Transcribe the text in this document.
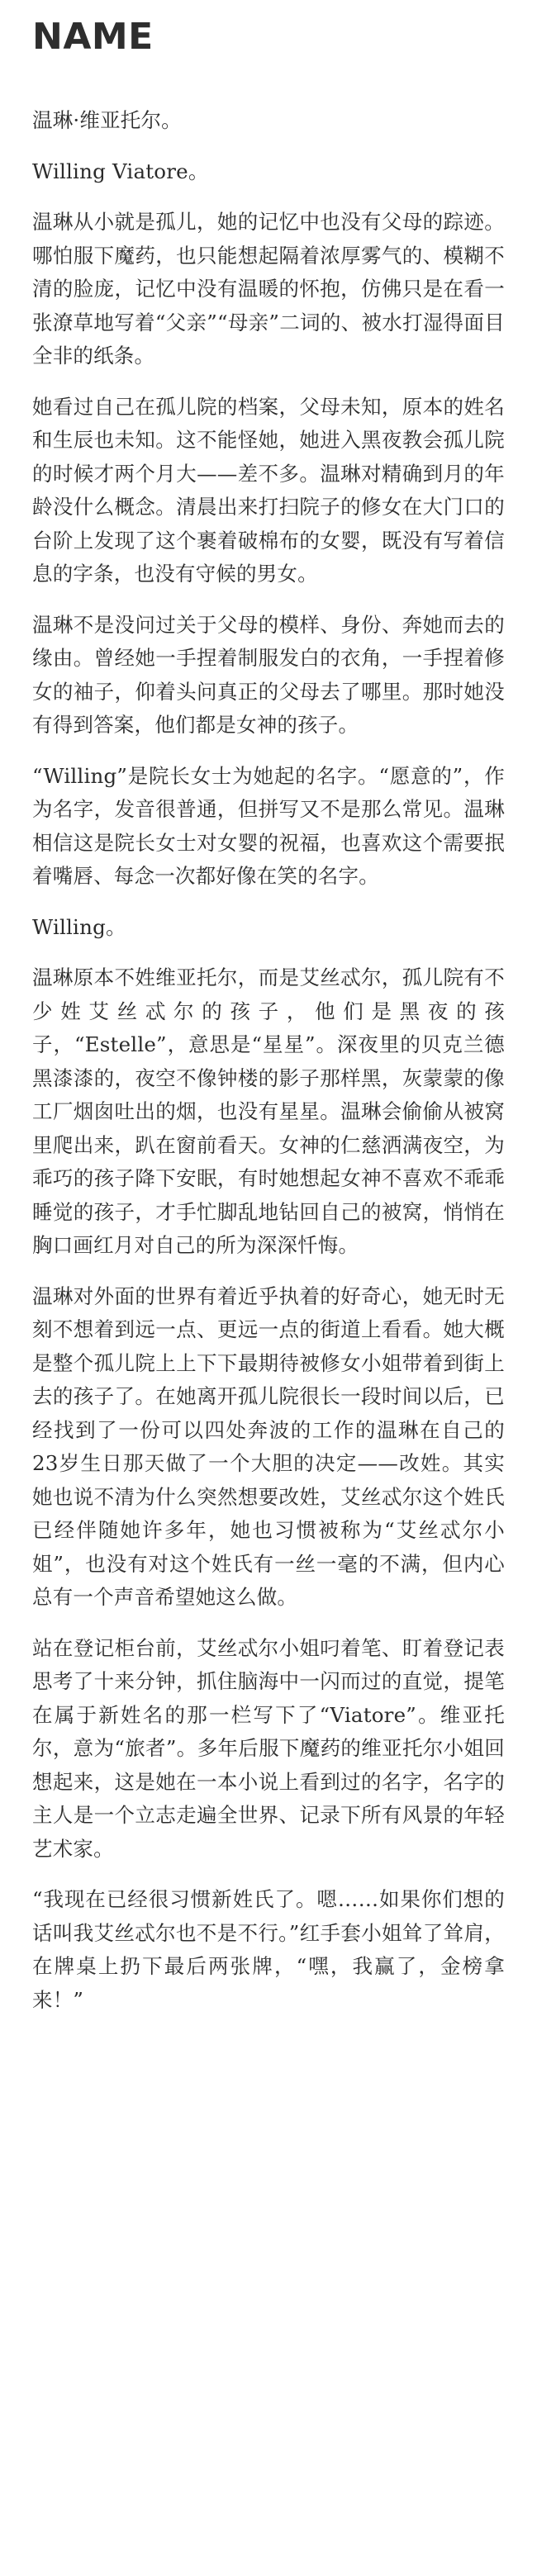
NAME

温琳·维亚托尔。

Willing Viatore。

温琳从小就是孤儿，她的记忆中也没有父母的踪迹。哪怕服下魔药，也只能想起隔着浓厚雾气的、模糊不清的脸庞，记忆中没有温暖的怀抱，仿佛只是在看一张潦草地写着“父亲”“母亲”二词的、被水打湿得面目全非的纸条。

她看过自己在孤儿院的档案，父母未知，原本的姓名和生辰也未知。这不能怪她，她进入黑夜教会孤儿院的时候才两个月大——差不多。温琳对精确到月的年龄没什么概念。清晨出来打扫院子的修女在大门口的台阶上发现了这个裹着破棉布的女婴，既没有写着信息的字条，也没有守候的男女。

温琳不是没问过关于父母的模样、身份、奔她而去的缘由。曾经她一手捏着制服发白的衣角，一手捏着修女的袖子，仰着头问真正的父母去了哪里。那时她没有得到答案，他们都是女神的孩子。

“Willing”是院长女士为她起的名字。“愿意的”，作为名字，发音很普通，但拼写又不是那么常见。温琳相信这是院长女士对女婴的祝福，也喜欢这个需要抿着嘴唇、每念一次都好像在笑的名字。

Willing。

温琳原本不姓维亚托尔，而是艾丝忒尔，孤儿院有不少姓艾丝忒尔的孩子，他们是黑夜的孩子，“Estelle”，意思是“星星”。深夜里的贝克兰德黑漆漆的，夜空不像钟楼的影子那样黑，灰蒙蒙的像工厂烟囱吐出的烟，也没有星星。温琳会偷偷从被窝里爬出来，趴在窗前看天。女神的仁慈洒满夜空，为乖巧的孩子降下安眠，有时她想起女神不喜欢不乖乖睡觉的孩子，才手忙脚乱地钻回自己的被窝，悄悄在胸口画红月对自己的所为深深忏悔。

温琳对外面的世界有着近乎执着的好奇心，她无时无刻不想着到远一点、更远一点的街道上看看。她大概是整个孤儿院上上下下最期待被修女小姐带着到街上去的孩子了。在她离开孤儿院很长一段时间以后，已经找到了一份可以四处奔波的工作的温琳在自己的23岁生日那天做了一个大胆的决定——改姓。其实她也说不清为什么突然想要改姓，艾丝忒尔这个姓氏已经伴随她许多年，她也习惯被称为“艾丝忒尔小姐”，也没有对这个姓氏有一丝一毫的不满，但内心总有一个声音希望她这么做。

站在登记柜台前，艾丝忒尔小姐叼着笔、盯着登记表思考了十来分钟，抓住脑海中一闪而过的直觉，提笔在属于新姓名的那一栏写下了“Viatore”。维亚托尔，意为“旅者”。多年后服下魔药的维亚托尔小姐回想起来，这是她在一本小说上看到过的名字，名字的主人是一个立志走遍全世界、记录下所有风景的年轻艺术家。

“我现在已经很习惯新姓氏了。嗯……如果你们想的话叫我艾丝忒尔也不是不行。”红手套小姐耸了耸肩，在牌桌上扔下最后两张牌，“嘿，我赢了，金榜拿来！”
